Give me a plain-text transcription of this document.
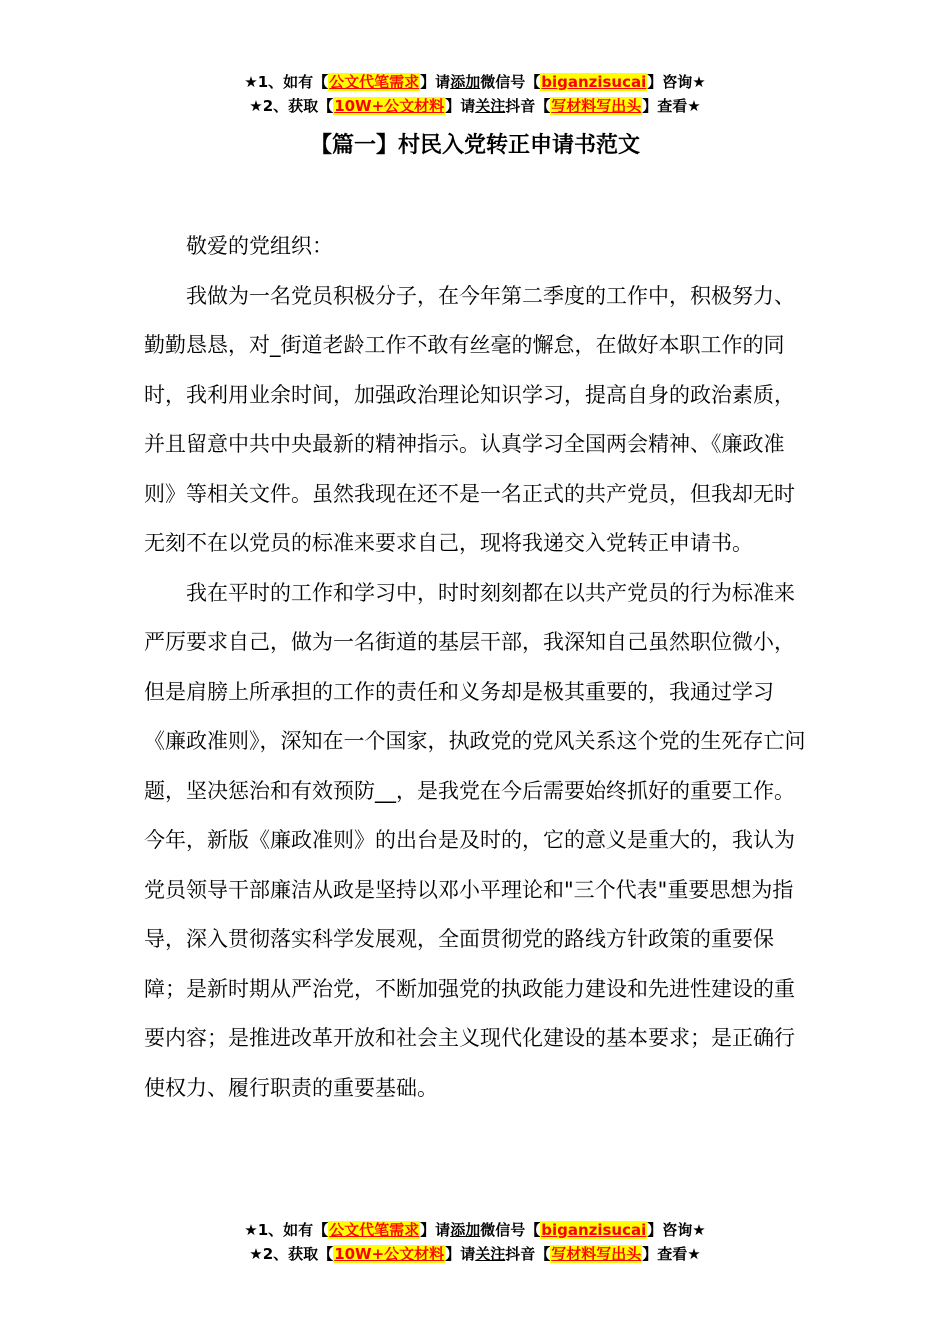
★1、如有【公文代笔需求】请添加微信号【biganzisucai】咨询★
★2、获取【10W+公文材料】请关注抖音【写材料写出头】查看★
【篇一】村民入党转正申请书范文

敬爱的党组织：

我做为一名党员积极分子，在今年第二季度的工作中，积极努力、勤勤恳恳，对_街道老龄工作不敢有丝毫的懈怠，在做好本职工作的同时，我利用业余时间，加强政治理论知识学习，提高自身的政治素质，并且留意中共中央最新的精神指示。认真学习全国两会精神、《廉政准则》等相关文件。虽然我现在还不是一名正式的共产党员，但我却无时无刻不在以党员的标准来要求自己，现将我递交入党转正申请书。

我在平时的工作和学习中，时时刻刻都在以共产党员的行为标准来严厉要求自己，做为一名街道的基层干部，我深知自己虽然职位微小，但是肩膀上所承担的工作的责任和义务却是极其重要的，我通过学习《廉政准则》，深知在一个国家，执政党的党风关系这个党的生死存亡问题，坚决惩治和有效预防__，是我党在今后需要始终抓好的重要工作。今年，新版《廉政准则》的出台是及时的，它的意义是重大的，我认为党员领导干部廉洁从政是坚持以邓小平理论和"三个代表"重要思想为指导，深入贯彻落实科学发展观，全面贯彻党的路线方针政策的重要保障；是新时期从严治党，不断加强党的执政能力建设和先进性建设的重要内容；是推进改革开放和社会主义现代化建设的基本要求；是正确行使权力、履行职责的重要基础。

★1、如有【公文代笔需求】请添加微信号【biganzisucai】咨询★
★2、获取【10W+公文材料】请关注抖音【写材料写出头】查看★
